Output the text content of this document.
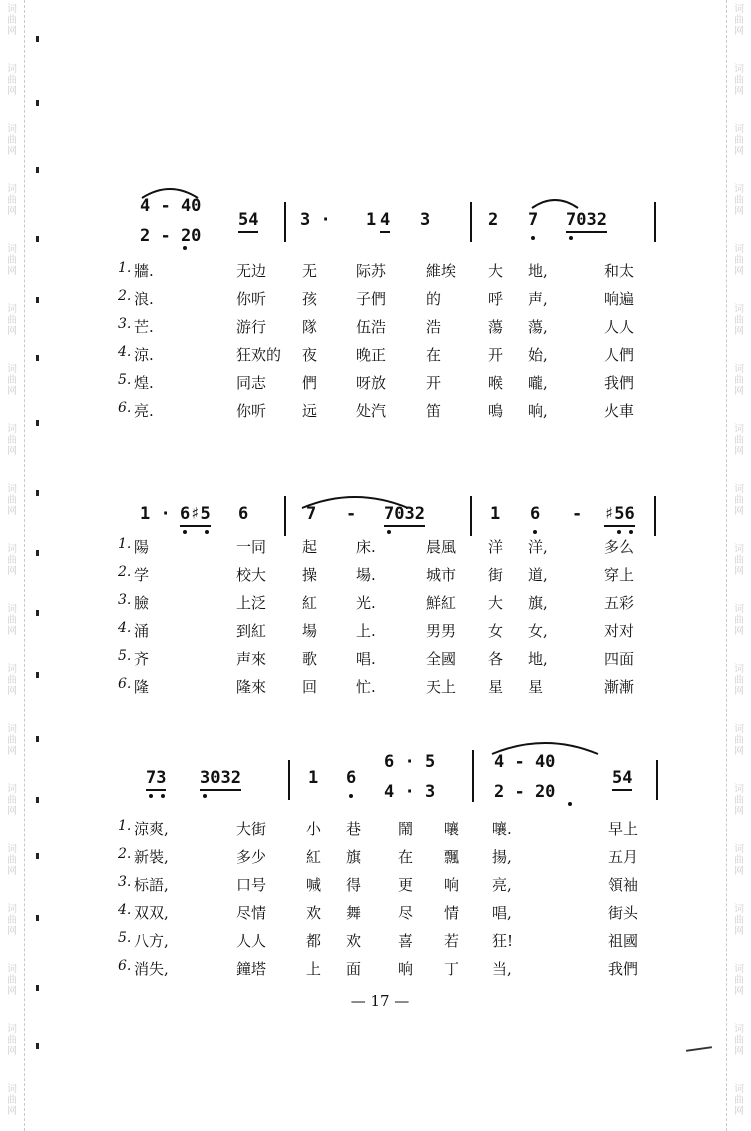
词曲网
词曲网
词曲网
词曲网
词曲网
词曲网
词曲网
词曲网
词曲网
词曲网
词曲网
词曲网
词曲网
词曲网
词曲网
词曲网
词曲网
词曲网
词曲网
词曲网
词曲网
词曲网
词曲网
词曲网
词曲网
词曲网
词曲网
词曲网
词曲网
词曲网
词曲网
词曲网
词曲网
词曲网
词曲网
词曲网
词曲网
词曲网
4 - 40
2 - 20
54 3 · 1 4 3	2 7 7032
1. 牆.	无边 无	际苏	維埃 大 地,	和太
2. 浪.	你听 孩	子們	的	呼 声,	响遍
3. 芒.	游行 隊	伍浩	浩	蕩 蕩,	人人
4. 涼.	狂欢的 夜	晚正	在	开 始,	人們
5. 煌.	同志 們	呀放	开	喉 嚨,	我們
6. 亮.	你听 远	处汽	笛	鳴 响,	火車
1 · 6♯5 6	7 - 7032	1 6 - ♯56
1. 陽	一同 起	床.	晨風 洋 洋,	多么
2. 学	校大 操	場.	城市 街 道,	穿上
3. 臉	上泛 紅	光.	鮮紅 大 旗,	五彩
4. 涌	到紅 場	上.	男男 女 女,	对对
5. 齐	声來 歌	唱.	全國 各 地,	四面
6. 隆	隆來 回	忙.	天上 星 星	漸漸
73 3032	1 6
6 · 5
4 · 3
4 - 40
2 - 20
54
1. 涼爽,	大街	小 巷 鬧 嚷 嚷.	早上
2. 新裝,	多少	紅 旗 在 飄 揚,	五月
3. 标語,	口号	喊 得 更 响 亮,	領袖
4. 双双,	尽情	欢 舞 尽 情 唱,	街头
5. 八方,	人人	都 欢 喜 若 狂!	祖國
6. 消失,	鐘塔	上 面 响 丁 当,	我們
— 17 —
